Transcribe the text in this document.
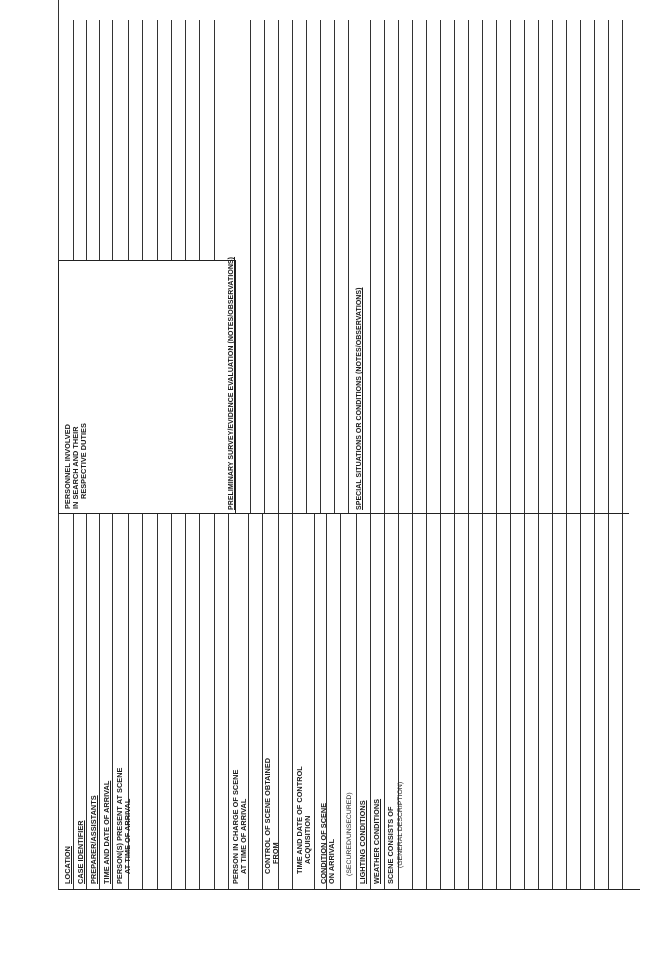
PERSONNEL INVOLVED IN SEARCH AND THEIR RESPECTIVE DUTIES
LOCATION CASE IDENTIFIER PREPARER/ASSISTANTS TIME AND DATE OF ARRIVAL PERSON(S) PRESENT AT SCENE AT TIME OF ARRIVAL	PERSON IN CHARGE OF SCENE AT TIME OF ARRIVAL CONTROL OF SCENE OBTAINED FROM TIME AND DATE OF CONTROL ACQUISITION CONDITION OF SCENE ON ARRIVAL (SECURED/UNSECURED) LIGHTING CONDITIONS WEATHER CONDITIONS SCENE CONSISTS OF (GENERAL DESCRIPTION)
PRELIMINARY SURVEY/EVIDENCE EVALUATION (NOTES/OBSERVATIONS)	SPECIAL SITUATIONS OR CONDITIONS (NOTES/OBSERVATIONS)
